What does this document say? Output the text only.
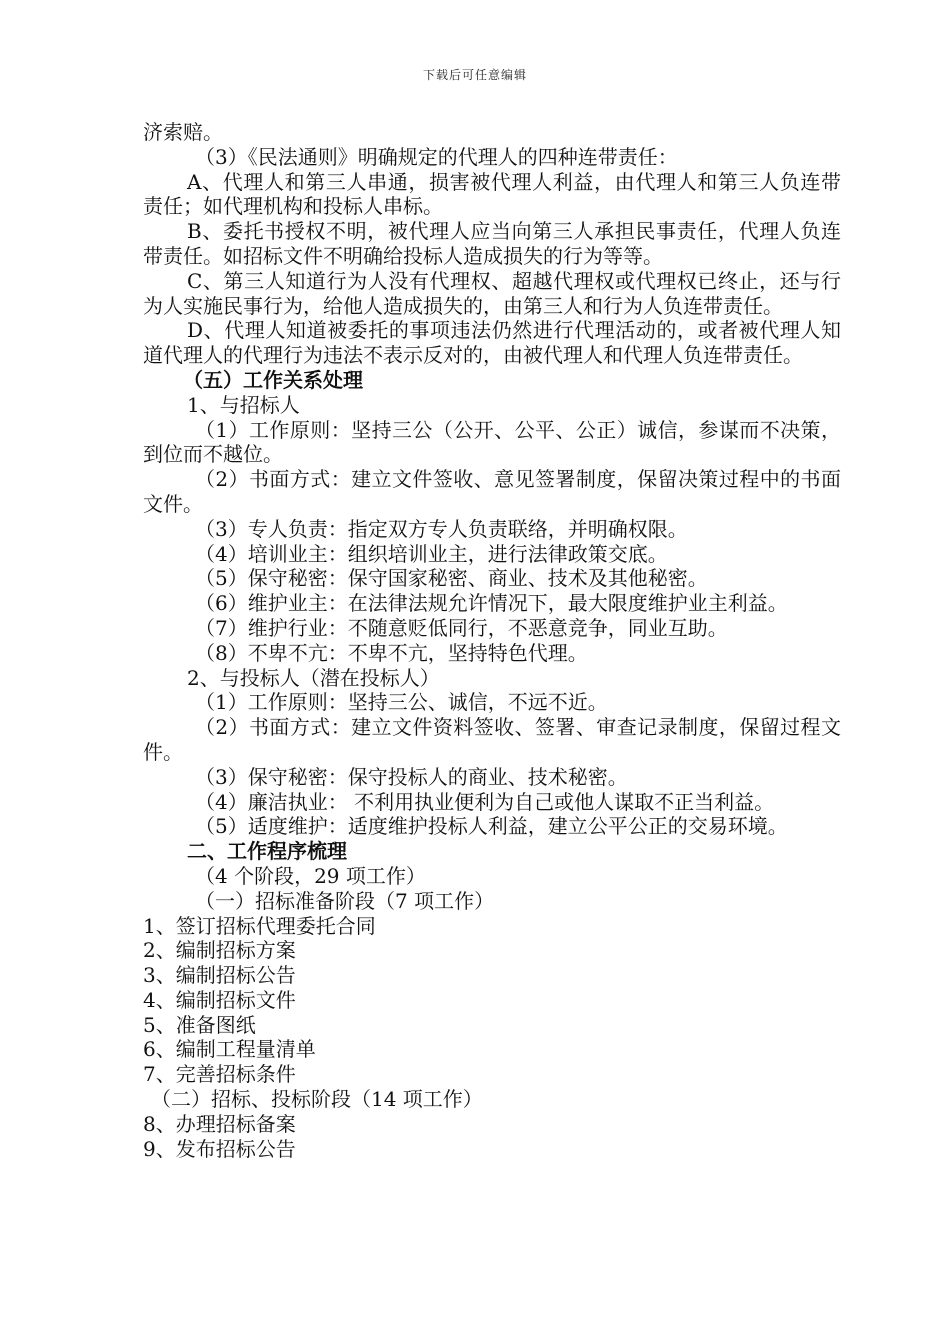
下载后可任意编辑

济索赔。

（3）《民法通则》明确规定的代理人的四种连带责任：

A、代理人和第三人串通，损害被代理人利益，由代理人和第三人负连带责任；如代理机构和投标人串标。

B、委托书授权不明，被代理人应当向第三人承担民事责任，代理人负连带责任。如招标文件不明确给投标人造成损失的行为等等。

C、第三人知道行为人没有代理权、超越代理权或代理权已终止，还与行为人实施民事行为，给他人造成损失的，由第三人和行为人负连带责任。

D、代理人知道被委托的事项违法仍然进行代理活动的，或者被代理人知道代理人的代理行为违法不表示反对的，由被代理人和代理人负连带责任。

（五）工作关系处理

1、与招标人

（1）工作原则：坚持三公（公开、公平、公正）诚信，参谋而不决策，到位而不越位。

（2）书面方式：建立文件签收、意见签署制度，保留决策过程中的书面文件。

（3）专人负责：指定双方专人负责联络，并明确权限。

（4）培训业主：组织培训业主，进行法律政策交底。

（5）保守秘密：保守国家秘密、商业、技术及其他秘密。

（6）维护业主：在法律法规允许情况下，最大限度维护业主利益。

（7）维护行业：不随意贬低同行，不恶意竞争，同业互助。

（8）不卑不亢：不卑不亢，坚持特色代理。

2、与投标人（潜在投标人）

（1）工作原则：坚持三公、诚信，不远不近。

（2）书面方式：建立文件资料签收、签署、审查记录制度，保留过程文件。

（3）保守秘密：保守投标人的商业、技术秘密。

（4）廉洁执业： 不利用执业便利为自己或他人谋取不正当利益。

（5）适度维护：适度维护投标人利益，建立公平公正的交易环境。

二、工作程序梳理

（4 个阶段，29 项工作）

（一）招标准备阶段（7 项工作）

1、签订招标代理委托合同

2、编制招标方案

3、编制招标公告

4、编制招标文件

5、准备图纸

6、编制工程量清单

7、完善招标条件

（二）招标、投标阶段（14 项工作）

8、办理招标备案

9、发布招标公告
